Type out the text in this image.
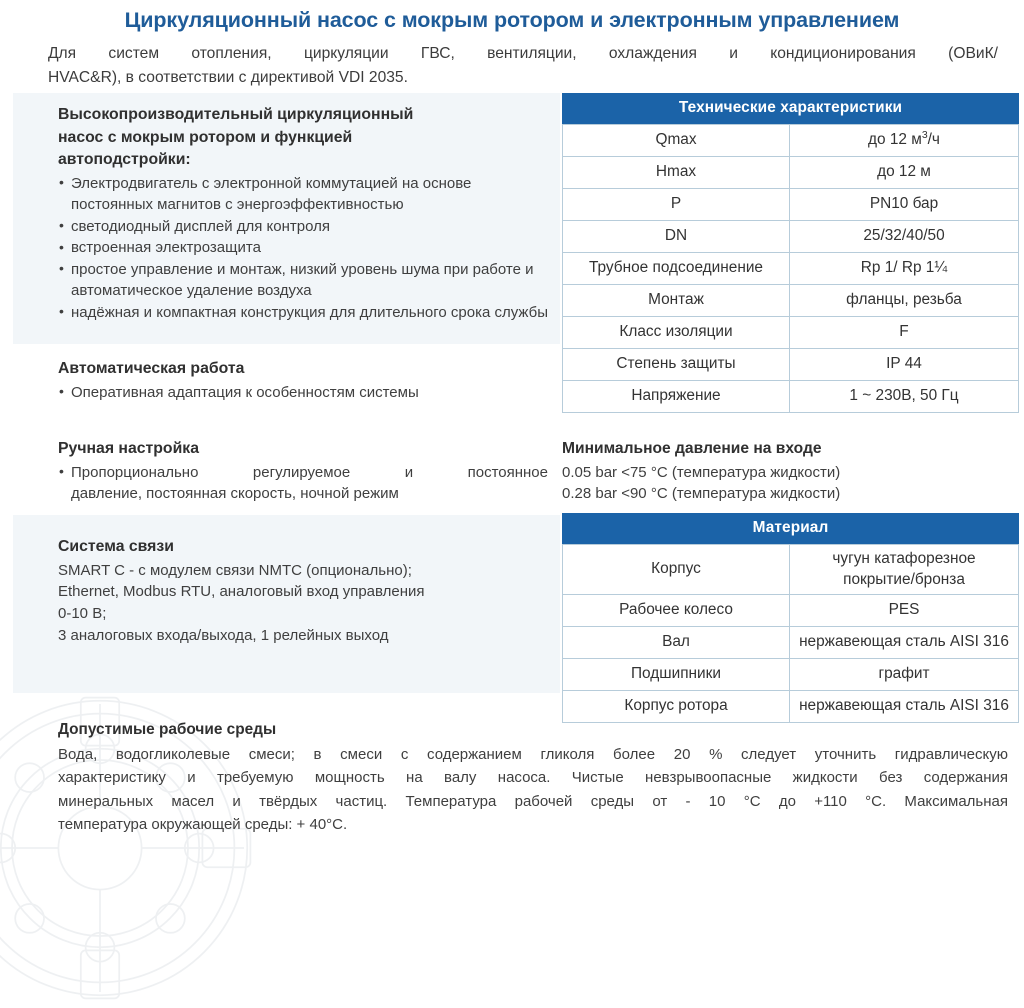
Циркуляционный насос с мокрым ротором и электронным управлением
Для систем отопления, циркуляции ГВС, вентиляции, охлаждения и кондиционирования (ОВиК/
HVAC&R), в соответствии с директивой VDI 2035.
Высокопроизводительный циркуляционный
насос с мокрым ротором и функцией
автоподстройки:
• Электродвигатель с электронной коммутацией на основе постоянных магнитов с энергоэффективностью
• светодиодный дисплей для контроля
• встроенная электрозащита
• простое управление и монтаж, низкий уровень шума при работе и автоматическое удаление воздуха
• надёжная и компактная конструкция для длительного срока службы
Автоматическая работа
• Оперативная адаптация к особенностям системы
Ручная настройка
• Пропорционально регулируемое и постоянное
давление, постоянная скорость, ночной режим
Система связи
SMART C - с модулем связи NMTC (опционально);
Ethernet, Modbus RTU, аналоговый вход управления
0-10 В;
3 аналоговых входа/выхода, 1 релейных выход
Технические характеристики
Qmax	до 12 $м^3/ч$
Hmax	до 12 м
P	PN10 бар
DN	25/32/40/50
Трубное подсоединение	Rp 1/ Rp 1¼
Монтаж	фланцы, резьба
Класс изоляции	F
Степень защиты	IP 44
Напряжение	1 ~ 230В, 50 Гц
Минимальное давление на входе
0.05 bar <75 °C (температура жидкости)
0.28 bar <90 °C (температура жидкости)
Материал
Корпус	чугун катафорезное
покрытие/бронза
Рабочее колесо	PES
Вал	нержавеющая сталь AISI 316
Подшипники	графит
Корпус ротора	нержавеющая сталь AISI 316
Допустимые рабочие среды
Вода, водогликолевые смеси; в смеси с содержанием гликоля более 20 % следует уточнить гидравлическую
характеристику и требуемую мощность на валу насоса. Чистые невзрывоопасные жидкости без содержания
минеральных масел и твёрдых частиц. Температура рабочей среды от - 10 °C до +110 °C. Максимальная
температура окружающей среды: + 40°C.
